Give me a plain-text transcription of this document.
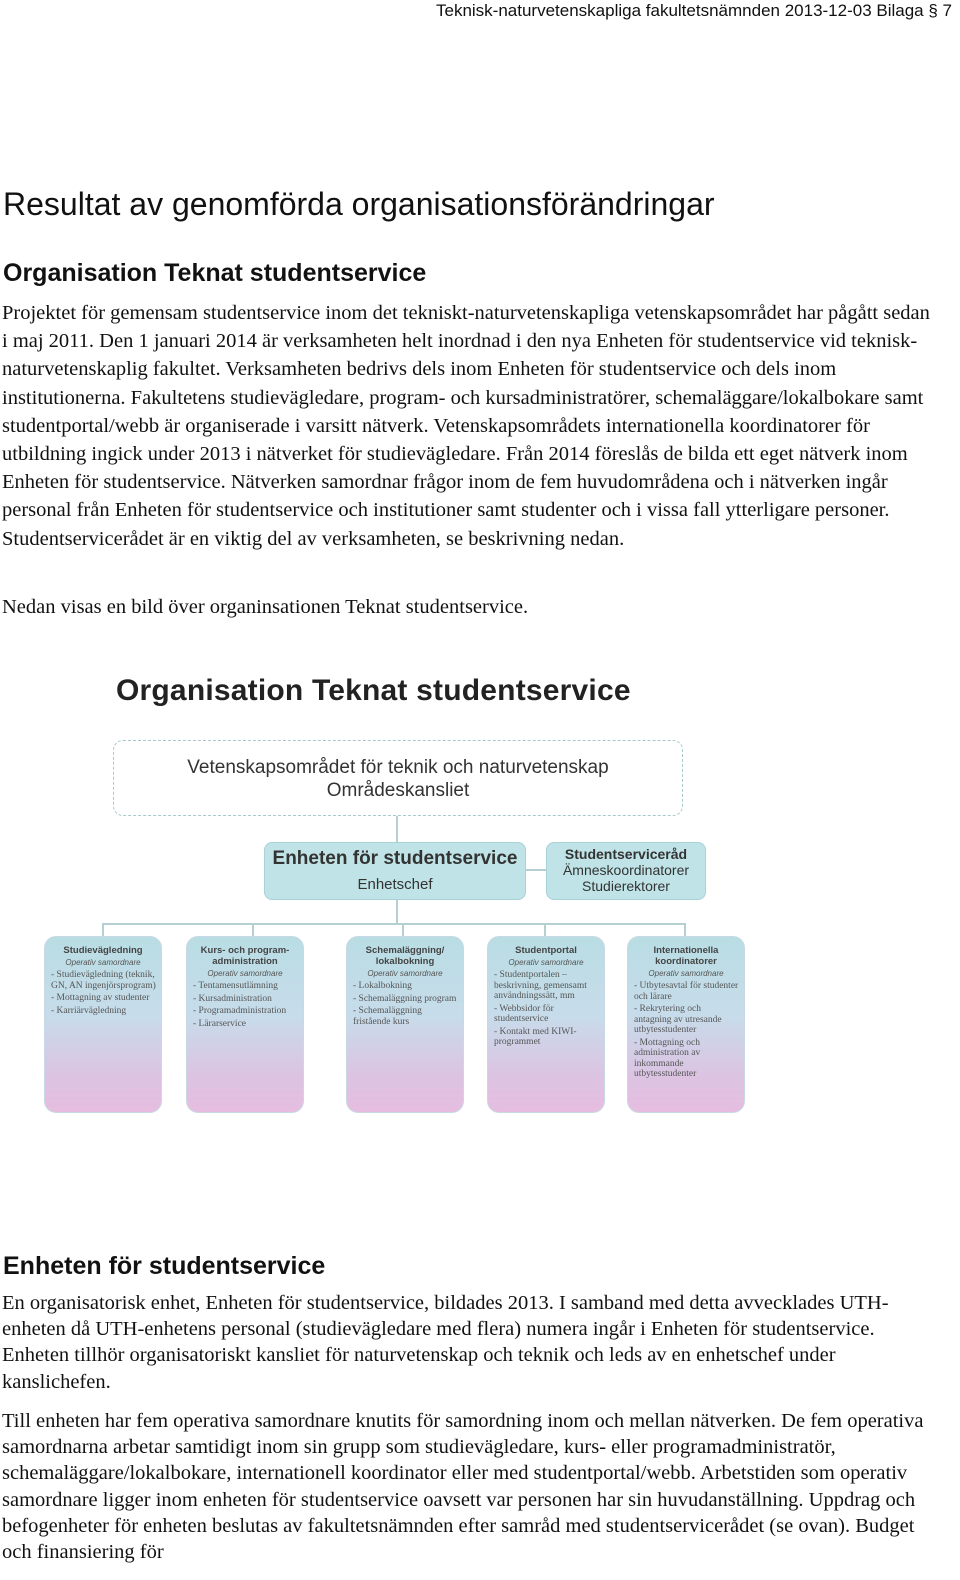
Teknisk-naturvetenskapliga fakultetsnämnden 2013-12-03 Bilaga § 7
Resultat av genomförda organisationsförändringar
Organisation Teknat studentservice

Projektet för gemensam studentservice inom det tekniskt-naturvetenskapliga vetenskapsområdet har pågått sedan i maj 2011. Den 1 januari 2014 är verksamheten helt inordnad i den nya Enheten för studentservice vid teknisk- naturvetenskaplig fakultet. Verksamheten bedrivs dels inom Enheten för studentservice och dels inom institutionerna. Fakultetens studievägledare, program- och kursadministratörer, schemaläggare/lokalbokare samt studentportal/webb är organiserade i varsitt nätverk. Vetenskapsområdets internationella koordinatorer för utbildning ingick under 2013 i nätverket för studievägledare. Från 2014 föreslås de bilda ett eget nätverk inom Enheten för studentservice. Nätverken samordnar frågor inom de fem huvudområdena och i nätverken ingår personal från Enheten för studentservice och institutioner samt studenter och i vissa fall ytterligare personer. Studentservicerådet är en viktig del av verksamheten, se beskrivning nedan.

Nedan visas en bild över organinsationen Teknat studentservice.

Organisation Teknat studentservice
Vetenskapsområdet för teknik och naturvetenskap
Områdeskansliet
Enheten för studentservice
Enhetschef
Studentserviceråd
Ämneskoordinatorer
Studierektorer
Studievägledning
Operativ samordnare
- Studievägledning (teknik, GN, AN ingenjörsprogram)
- Mottagning av studenter
- Karriärvägledning
Kurs- och program-administration
Operativ samordnare
- Tentamensutlämning
- Kursadministration
- Programadministration
- Lärarservice
Schemaläggning/ lokalbokning
Operativ samordnare
- Lokalbokning
- Schemaläggning program
- Schemaläggning fristående kurs
Studentportal
Operativ samordnare
- Studentportalen – beskrivning, gemensamt användningssätt, mm
- Webbsidor för studentservice
- Kontakt med KIWI-programmet
Internationella koordinatorer
Operativ samordnare
- Utbytesavtal för studenter och lärare
- Rekrytering och antagning av utresande utbytesstudenter
- Mottagning och administration av inkommande utbytesstudenter
Enheten för studentservice

En organisatorisk enhet, Enheten för studentservice, bildades 2013. I samband med detta avvecklades UTH-enheten då UTH-enhetens personal (studievägledare med flera) numera ingår i Enheten för studentservice. Enheten tillhör organisatoriskt kansliet för naturvetenskap och teknik och leds av en enhetschef under kanslichefen.

Till enheten har fem operativa samordnare knutits för samordning inom och mellan nätverken. De fem operativa samordnarna arbetar samtidigt inom sin grupp som studievägledare, kurs- eller programadministratör, schemaläggare/lokalbokare, internationell koordinator eller med studentportal/webb. Arbetstiden som operativ samordnare ligger inom enheten för studentservice oavsett var personen har sin huvudanställning. Uppdrag och befogenheter för enheten beslutas av fakultetsnämnden efter samråd med studentservicerådet (se ovan). Budget och finansiering för
